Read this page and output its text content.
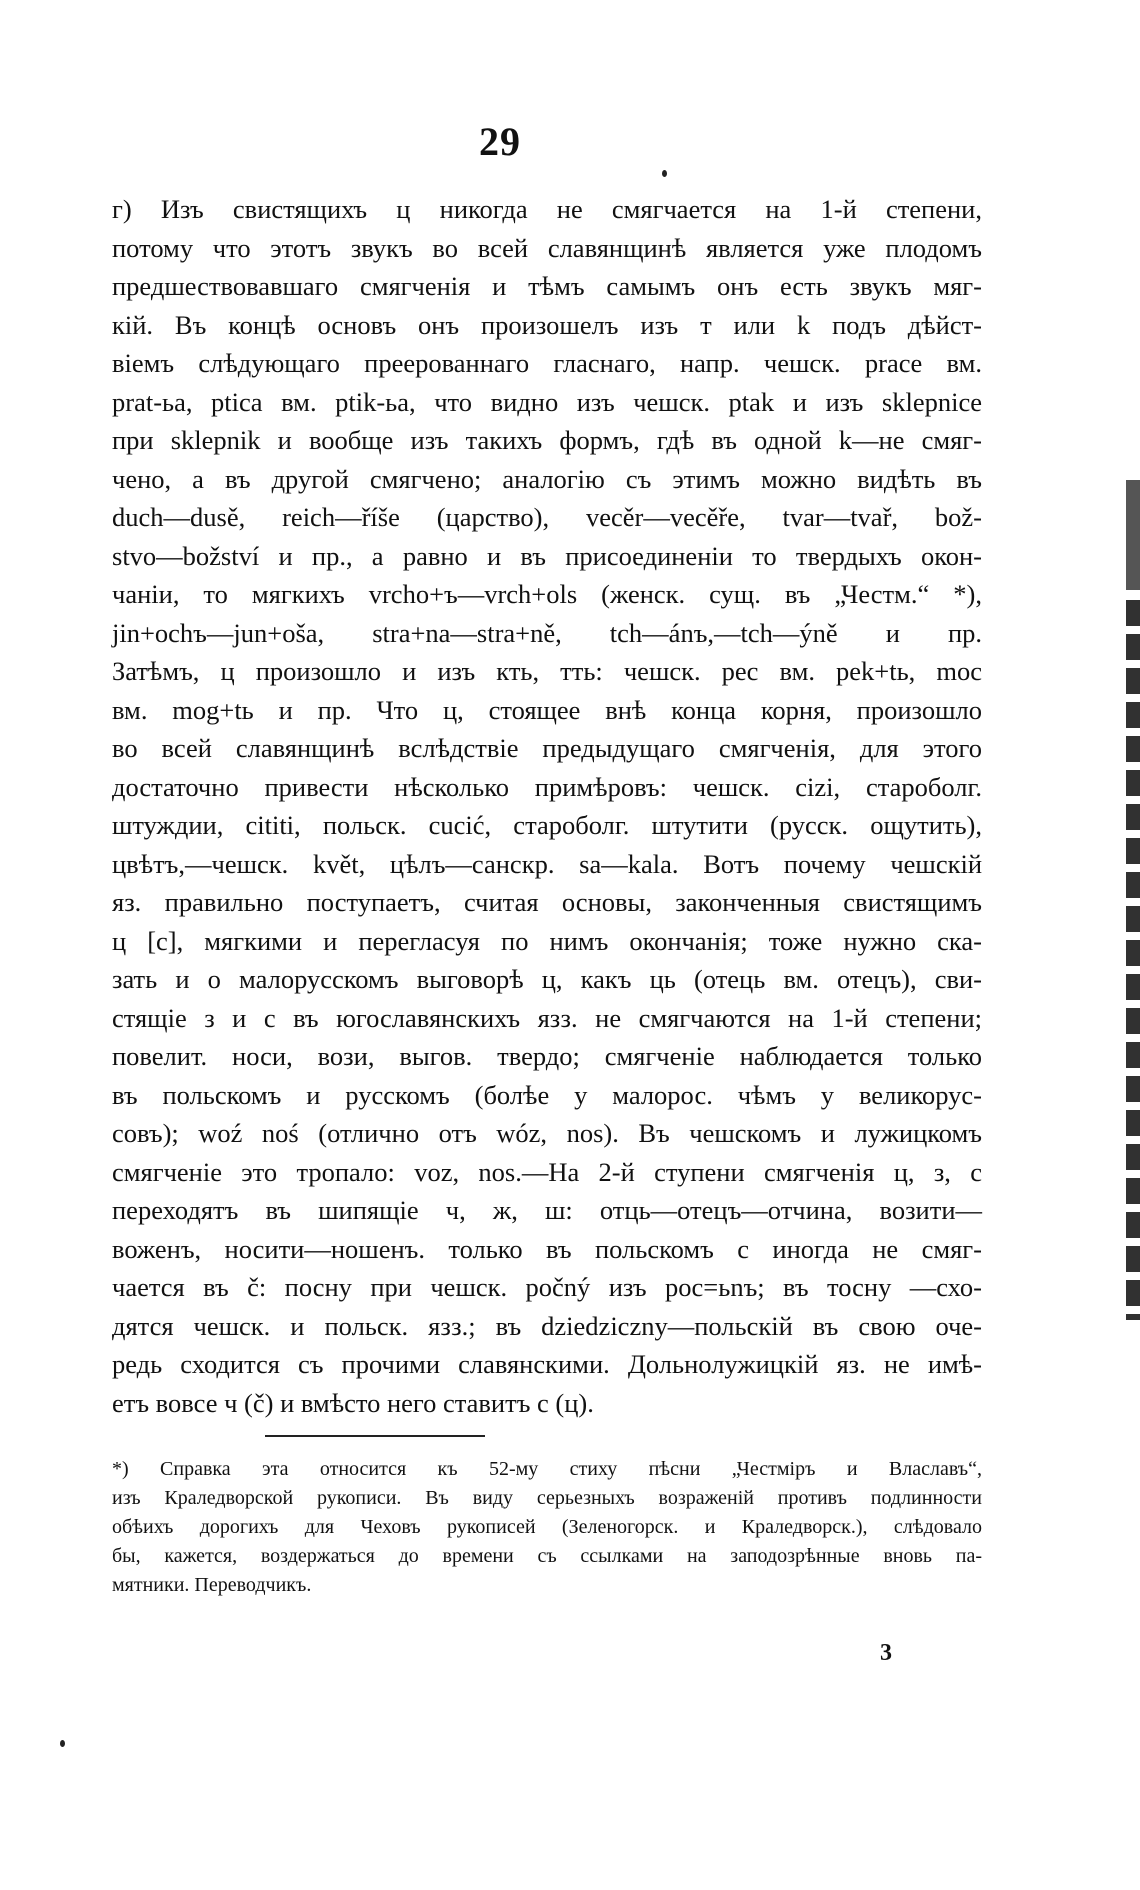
29
г) Изъ свистящихъ ц никогда не смягчается на 1-й степени,
потому что этотъ звукъ во всей славянщинѣ является уже плодомъ
предшествовавшаго смягченія и тѣмъ самымъ онъ есть звукъ мяг-
кій. Въ концѣ основъ онъ произошелъ изъ т или k подъ дѣйст-
віемъ слѣдующаго преерованнаго гласнаго, напр. чешск. prace вм.
prat-ьa, ptica вм. ptik-ьa, что видно изъ чешск. ptak и изъ sklepnice
при sklepnik и вообще изъ такихъ формъ, гдѣ въ одной k—не смяг-
чено, а въ другой смягчено; аналогію съ этимъ можно видѣть въ
duch—dusě, reich—říše (царство), vecěr—vecěře, tvar—tvař, bož-
stvo—božství и пр., а равно и въ присоединеніи то твердыхъ окон-
чаніи, то мягкихъ vrcho+ъ—vrch+ols (женск. сущ. въ „Честм.“ *),
jin+ochъ—jun+oša, stra+na—stra+ně, tch—ánъ,—tch—ýně и пр.
Затѣмъ, ц произошло и изъ кть, тть: чешск. pec вм. pek+tь, moc
вм. mog+tь и пр. Что ц, стоящее внѣ конца корня, произошло
во всей славянщинѣ вслѣдствіе предыдущаго смягченія, для этого
достаточно привести нѣсколько примѣровъ: чешск. cizi, староболг.
штуждии, cititi, польск. cucić, староболг. штутити (русск. ощутить),
цвѣтъ,—чешск. květ, цѣлъ—санскр. sa—kala. Вотъ почему чешскій
яз. правильно поступаетъ, считая основы, законченныя свистящимъ
ц [c], мягкими и перегласуя по нимъ окончанія; тоже нужно ска-
зать и о малорусскомъ выговорѣ ц, какъ ць (отець вм. отецъ), сви-
стящіе з и с въ югославянскихъ язз. не смягчаются на 1-й степени;
повелит. носи, вози, выгов. твердо; смягченіе наблюдается только
въ польскомъ и русскомъ (болѣе у малорос. чѣмъ у великорус-
совъ); woź noś (отлично отъ wóz, nos). Въ чешскомъ и лужицкомъ
смягченіе это тропало: voz, nos.—На 2-й ступени смягченія ц, з, с
переходятъ въ шипящіе ч, ж, ш: отць—отецъ—отчина, возити—
воженъ, носити—ношенъ. только въ польскомъ с иногда не смяг-
чается въ č: посну при чешск. počný изъ poc=ьnъ; въ тосну —схо-
дятся чешск. и польск. язз.; въ dziedziczny—польскій въ свою оче-
редь сходится съ прочими славянскими. Дольнолужицкій яз. не имѣ-
етъ вовсе ч (č) и вмѣсто него ставитъ с (ц).
*) Справка эта относится къ 52-му стиху пѣсни „Честміръ и Влаславъ“,
изъ Краледворской рукописи. Въ виду серьезныхъ возраженій противъ подлинности
обѣихъ дорогихъ для Чеховъ рукописей (Зеленогорск. и Краледворск.), слѣдовало
бы, кажется, воздержаться до времени съ ссылками на заподозрѣнные вновь па-
мятники. Переводчикъ.
3
